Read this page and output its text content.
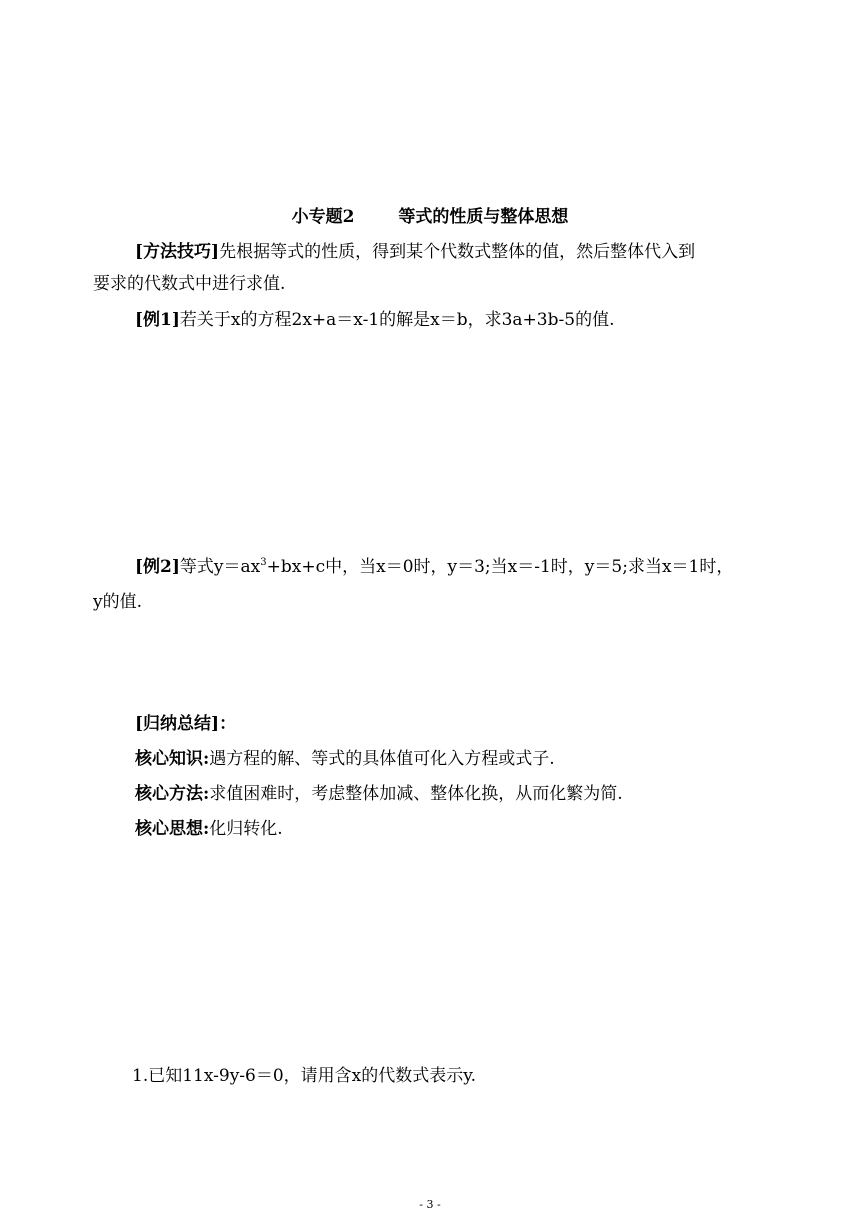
小专题2	等式的性质与整体思想
[方法技巧]先根据等式的性质，得到某个代数式整体的值，然后整体代入到
要求的代数式中进行求值.
[例1]若关于x的方程2x+a＝x-1的解是x＝b，求3a+3b-5的值.
[例2]等式$y=ax^3+bx+c$中，当x＝0时，y＝3;当x＝-1时，y＝5;求当x＝1时，
y的值.
[归纳总结]：
核心知识:遇方程的解、等式的具体值可化入方程或式子.
核心方法:求值困难时，考虑整体加减、整体化换，从而化繁为简.
核心思想:化归转化.
1.已知11x-9y-6＝0，请用含x的代数式表示y.
- 3 -
